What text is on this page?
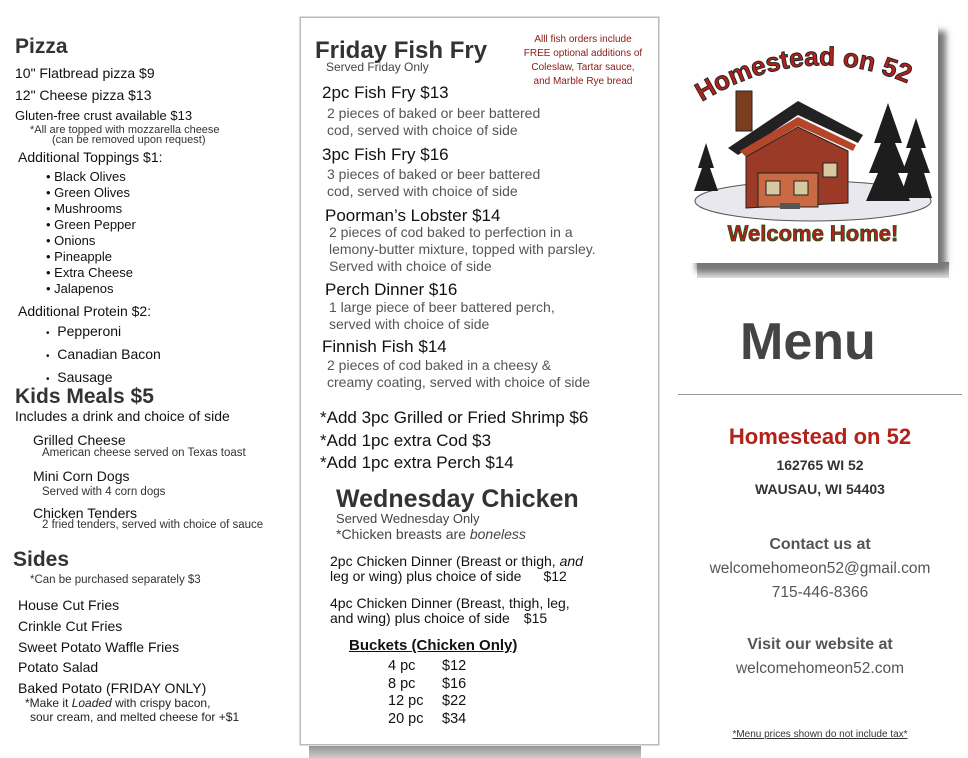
Pizza
10" Flatbread pizza $9
12" Cheese pizza $13
Gluten-free crust available $13
*All are topped with mozzarella cheese
(can be removed upon request)
Additional Toppings $1:
• Black Olives
• Green Olives
• Mushrooms
• Green Pepper
• Onions
• Pineapple
• Extra Cheese
• Jalapenos
Additional Protein $2:
• Pepperoni
• Canadian Bacon
• Sausage
Kids Meals $5
Includes a drink and choice of side
Grilled Cheese
American cheese served on Texas toast
Mini Corn Dogs
Served with 4 corn dogs
Chicken Tenders
2 fried tenders, served with choice of sauce
Sides
*Can be purchased separately $3
House Cut Fries
Crinkle Cut Fries
Sweet Potato Waffle Fries
Potato Salad
Baked Potato (FRIDAY ONLY)
*Make it Loaded with crispy bacon,
sour cream, and melted cheese for +$1
Friday Fish Fry
Served Friday Only
Alll fish orders include
FREE optional additions of
Coleslaw, Tartar sauce,
and Marble Rye bread
2pc Fish Fry $13
2 pieces of baked or beer battered
cod, served with choice of side
3pc Fish Fry $16
3 pieces of baked or beer battered
cod, served with choice of side
Poorman’s Lobster $14
2 pieces of cod baked to perfection in a
lemony-butter mixture, topped with parsley.
Served with choice of side
Perch Dinner $16
1 large piece of beer battered perch,
served with choice of side
Finnish Fish $14
2 pieces of cod baked in a cheesy &
creamy coating, served with choice of side
*Add 3pc Grilled or Fried Shrimp $6
*Add 1pc extra Cod $3
*Add 1pc extra Perch $14
Wednesday Chicken
Served Wednesday Only
*Chicken breasts are boneless
2pc Chicken Dinner (Breast or thigh, and
leg or wing) plus choice of side $12
4pc Chicken Dinner (Breast, thigh, leg,
and wing) plus choice of side $15
Buckets (Chicken Only)
4 pc $12
8 pc $16
12 pc $22
20 pc $34
Homestead on 52
Welcome Home!
Menu
Homestead on 52
162765 WI 52
WAUSAU, WI 54403
Contact us at
welcomehomeon52@gmail.com
715-446-8366
Visit our website at
welcomehomeon52.com
*Menu prices shown do not include tax*
